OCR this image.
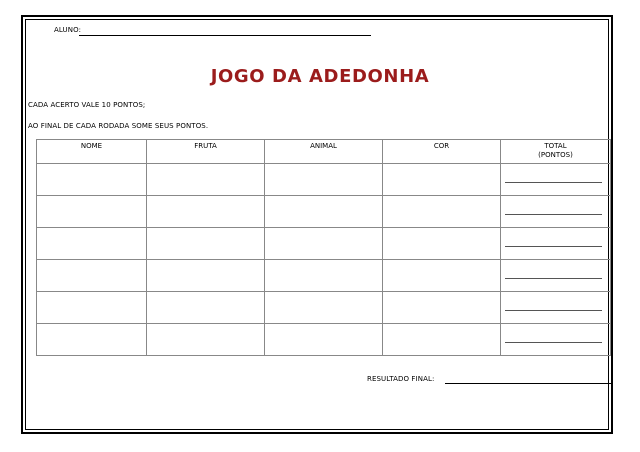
ALUNO:
JOGO DA ADEDONHA
CADA ACERTO VALE 10 PONTOS;
AO FINAL DE CADA RODADA SOME SEUS PONTOS.
NOME	FRUTA	ANIMAL	COR	TOTAL
(PONTOS)

RESULTADO FINAL:
